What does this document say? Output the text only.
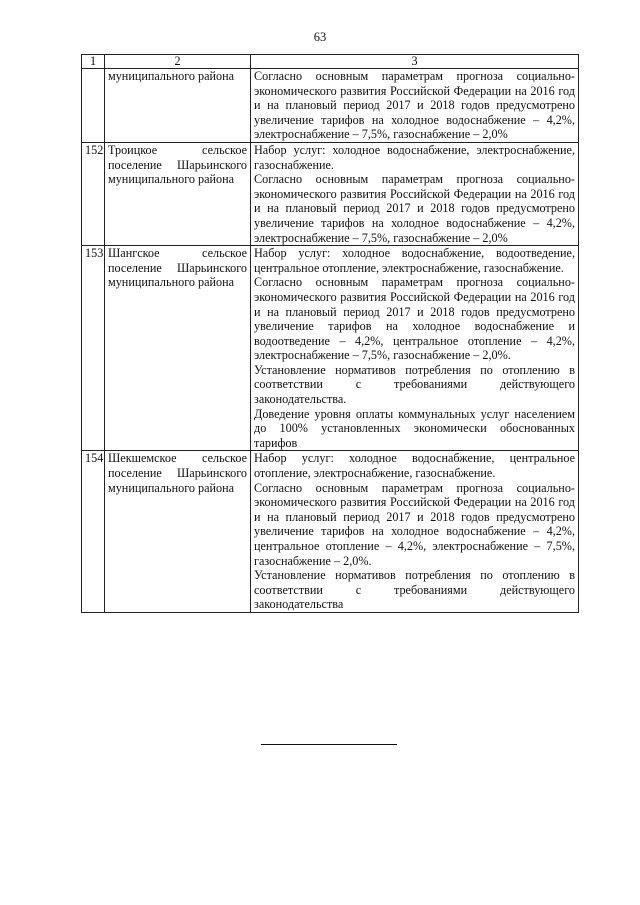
63
1	2	3
	муниципального района	Согласно основным параметрам прогноза социально-экономического развития Российской Федерации на 2016 год и на плановый период 2017 и 2018 годов предусмотрено увеличение тарифов на холодное водоснабжение – 4,2%, электроснабжение – 7,5%, газоснабжение – 2,0%

152	Троицкое сельское поселение Шарьинского муниципального района	Набор услуг: холодное водоснабжение, электроснабжение, газоснабжение.

Согласно основным параметрам прогноза социально-экономического развития Российской Федерации на 2016 год и на плановый период 2017 и 2018 годов предусмотрено увеличение тарифов на холодное водоснабжение – 4,2%, электроснабжение – 7,5%, газоснабжение – 2,0%

153	Шангское сельское поселение Шарьинского муниципального района	Набор услуг: холодное водоснабжение, водоотведение, центральное отопление, электроснабжение, газоснабжение.

Согласно основным параметрам прогноза социально-экономического развития Российской Федерации на 2016 год и на плановый период 2017 и 2018 годов предусмотрено увеличение тарифов на холодное водоснабжение и водоотведение – 4,2%, центральное отопление – 4,2%, электроснабжение – 7,5%, газоснабжение – 2,0%.

Установление нормативов потребления по отоплению в соответствии с требованиями действующего законодательства.

Доведение уровня оплаты коммунальных услуг населением до 100% установленных экономически обоснованных тарифов

154	Шекшемское сельское поселение Шарьинского муниципального района	Набор услуг: холодное водоснабжение, центральное отопление, электроснабжение, газоснабжение.

Согласно основным параметрам прогноза социально-экономического развития Российской Федерации на 2016 год и на плановый период 2017 и 2018 годов предусмотрено увеличение тарифов на холодное водоснабжение – 4,2%, центральное отопление – 4,2%, электроснабжение – 7,5%, газоснабжение – 2,0%.

Установление нормативов потребления по отоплению в соответствии с требованиями действующего законодательства
